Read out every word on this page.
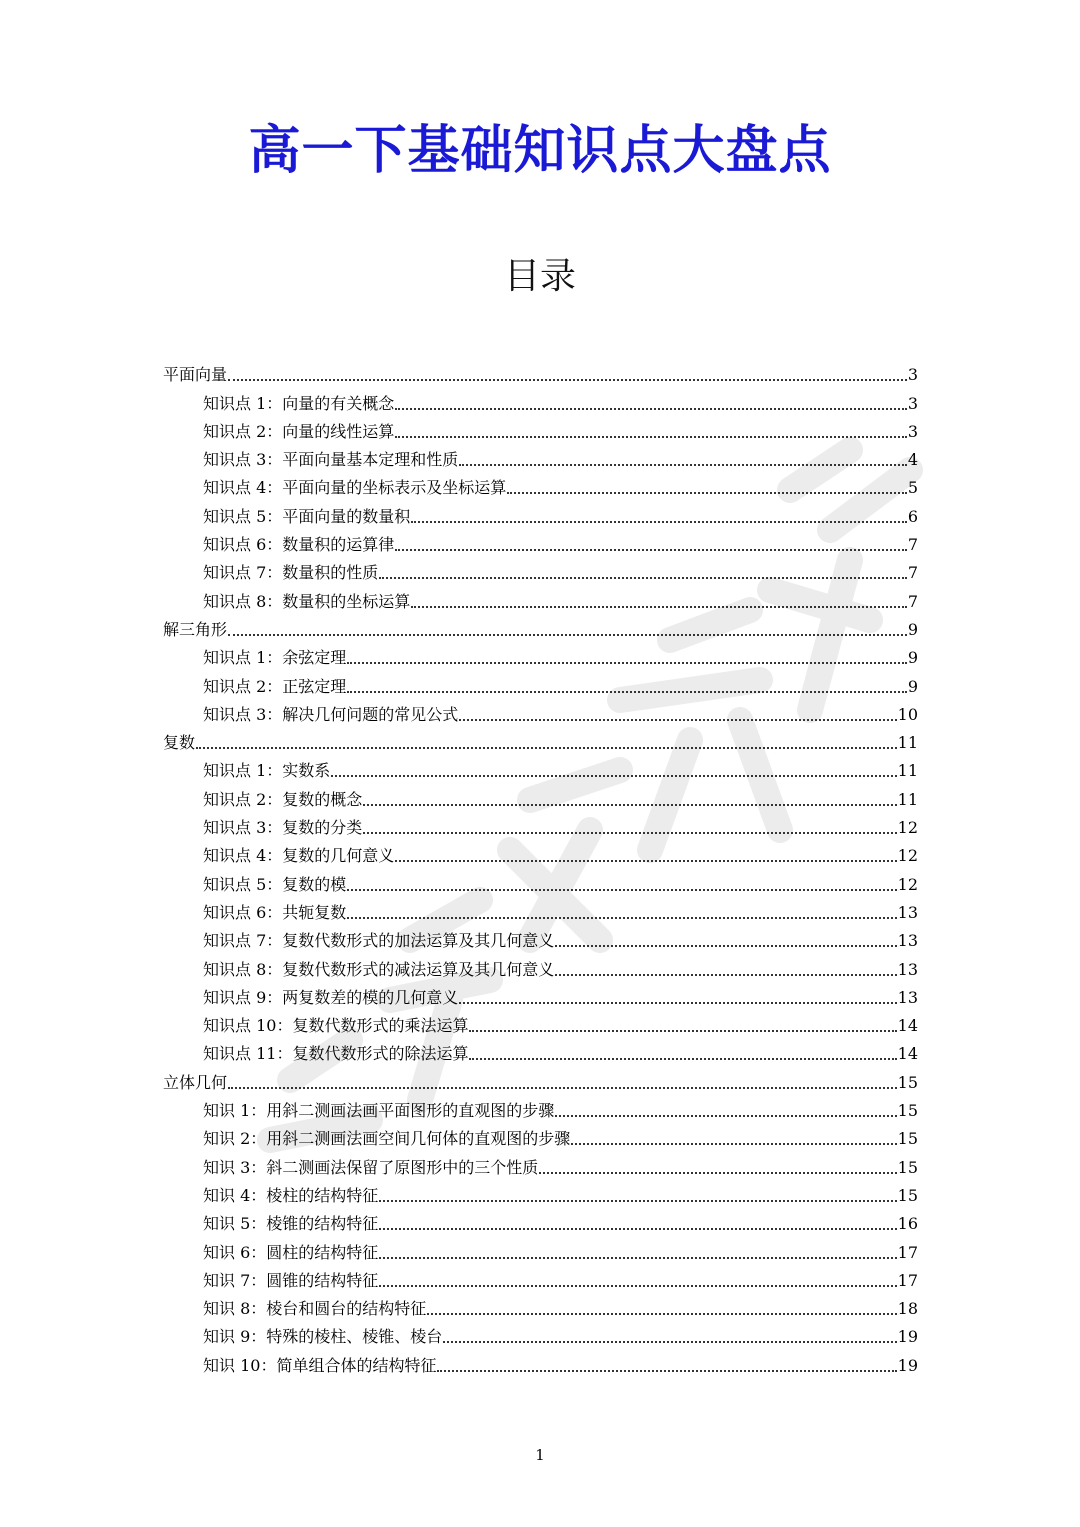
高一下基础知识点大盘点
目录
平面向量	3
知识点 1：向量的有关概念	3
知识点 2：向量的线性运算	3
知识点 3：平面向量基本定理和性质	4
知识点 4：平面向量的坐标表示及坐标运算	5
知识点 5：平面向量的数量积	6
知识点 6：数量积的运算律	7
知识点 7：数量积的性质	7
知识点 8：数量积的坐标运算	7
解三角形	9
知识点 1：余弦定理	9
知识点 2：正弦定理	9
知识点 3：解决几何问题的常见公式	10
复数	11
知识点 1：实数系	11
知识点 2：复数的概念	11
知识点 3：复数的分类	12
知识点 4：复数的几何意义	12
知识点 5：复数的模	12
知识点 6：共轭复数	13
知识点 7：复数代数形式的加法运算及其几何意义	13
知识点 8：复数代数形式的减法运算及其几何意义	13
知识点 9：两复数差的模的几何意义	13
知识点 10：复数代数形式的乘法运算	14
知识点 11：复数代数形式的除法运算	14
立体几何	15
知识 1：用斜二测画法画平面图形的直观图的步骤	15
知识 2：用斜二测画法画空间几何体的直观图的步骤	15
知识 3：斜二测画法保留了原图形中的三个性质	15
知识 4：棱柱的结构特征	15
知识 5：棱锥的结构特征	16
知识 6：圆柱的结构特征	17
知识 7：圆锥的结构特征	17
知识 8：棱台和圆台的结构特征	18
知识 9：特殊的棱柱、棱锥、棱台	19
知识 10：简单组合体的结构特征	19
1
